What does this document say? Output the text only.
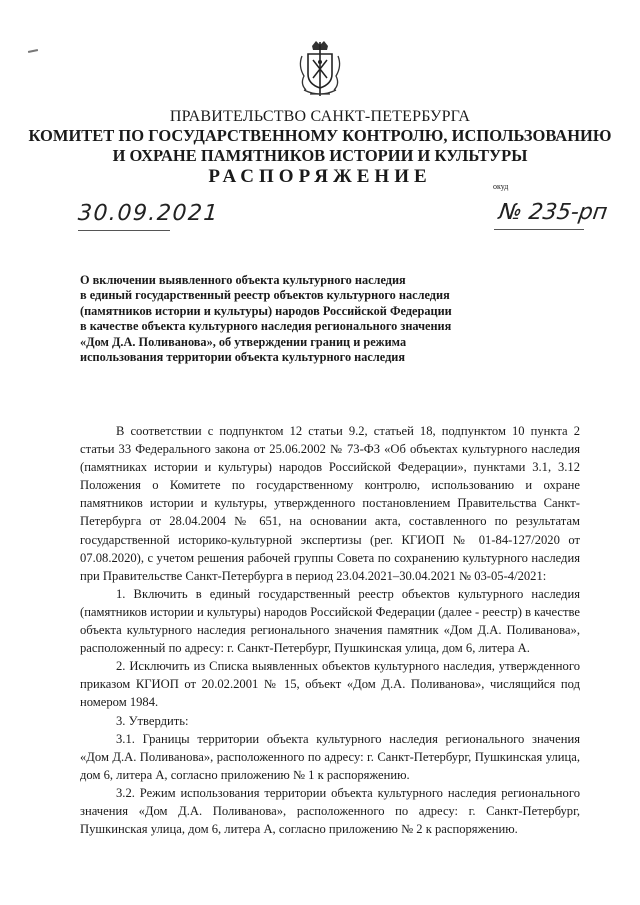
ПРАВИТЕЛЬСТВО САНКТ-ПЕТЕРБУРГА
КОМИТЕТ ПО ГОСУДАРСТВЕННОМУ КОНТРОЛЮ, ИСПОЛЬЗОВАНИЮ
И ОХРАНЕ ПАМЯТНИКОВ ИСТОРИИ И КУЛЬТУРЫ
РАСПОРЯЖЕНИЕ	окуд
30.09.2021	№ 235-рп
О включении выявленного объекта культурного наследия
в единый государственный реестр объектов культурного наследия
(памятников истории и культуры) народов Российской Федерации
в качестве объекта культурного наследия регионального значения
«Дом Д.А. Поливанова», об утверждении границ и режима
использования территории объекта культурного наследия

В соответствии с подпунктом 12 статьи 9.2, статьей 18, подпунктом 10 пункта 2 статьи 33 Федерального закона от 25.06.2002 № 73-ФЗ «Об объектах культурного наследия (памятниках истории и культуры) народов Российской Федерации», пунктами 3.1, 3.12 Положения о Комитете по государственному контролю, использованию и охране памятников истории и культуры, утвержденного постановлением Правительства Санкт-Петербурга от 28.04.2004 № 651, на основании акта, составленного по результатам государственной историко-культурной экспертизы (рег. КГИОП № 01-84-127/2020 от 07.08.2020), с учетом решения рабочей группы Совета по сохранению культурного наследия при Правительстве Санкт-Петербурга в период 23.04.2021–30.04.2021 № 03-05-4/2021:

1. Включить в единый государственный реестр объектов культурного наследия (памятников истории и культуры) народов Российской Федерации (далее - реестр) в качестве объекта культурного наследия регионального значения памятник «Дом Д.А. Поливанова», расположенный по адресу: г. Санкт-Петербург, Пушкинская улица, дом 6, литера А.

2. Исключить из Списка выявленных объектов культурного наследия, утвержденного приказом КГИОП от 20.02.2001 № 15, объект «Дом Д.А. Поливанова», числящийся под номером 1984.

3. Утвердить:

3.1. Границы территории объекта культурного наследия регионального значения «Дом Д.А. Поливанова», расположенного по адресу: г. Санкт-Петербург, Пушкинская улица, дом 6, литера А, согласно приложению № 1 к распоряжению.

3.2. Режим использования территории объекта культурного наследия регионального значения «Дом Д.А. Поливанова», расположенного по адресу: г. Санкт-Петербург, Пушкинская улица, дом 6, литера А, согласно приложению № 2 к распоряжению.
